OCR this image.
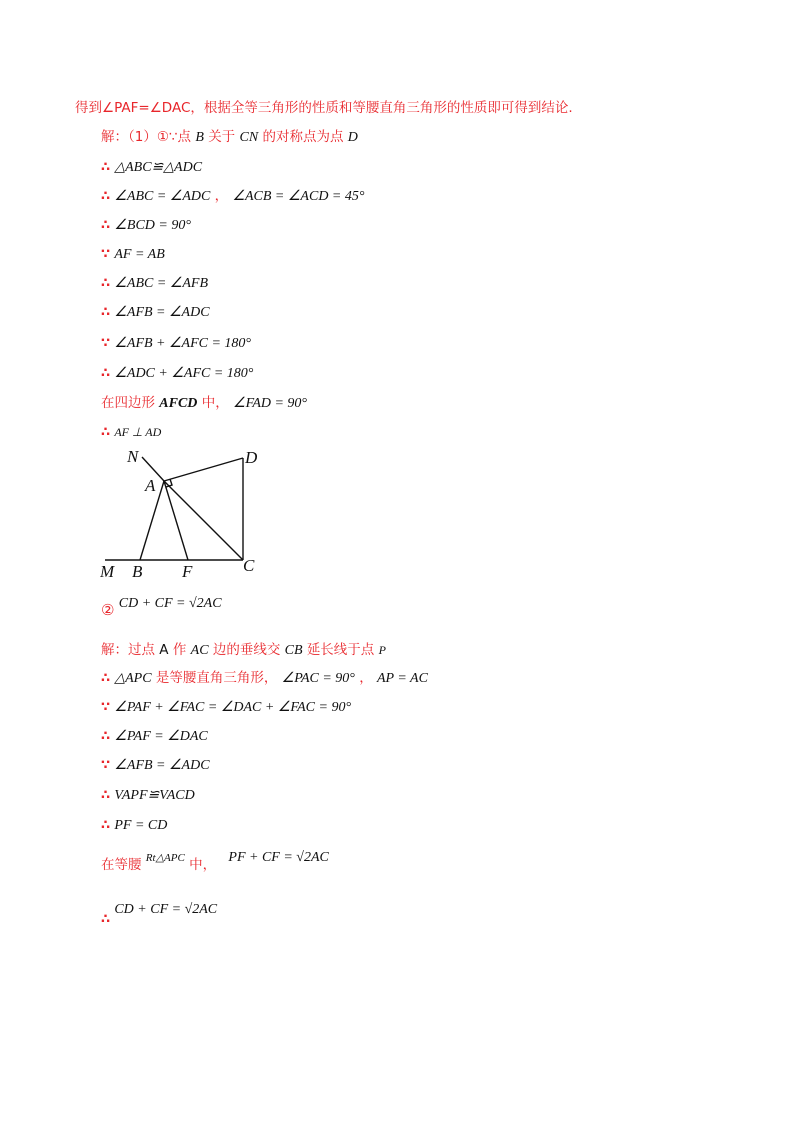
得到∠PAF=∠DAC，根据全等三角形的性质和等腰直角三角形的性质即可得到结论.
解：（1）①∵点 B 关于 CN 的对称点为点 D
∴ △ABC≌△ADC
∴ ∠ABC = ∠ADC ， ∠ACB = ∠ACD = 45°
∴ ∠BCD = 90°
∵ AF = AB
∴ ∠ABC = ∠AFB
∴ ∠AFB = ∠ADC
∵ ∠AFB + ∠AFC = 180°
∴ ∠ADC + ∠AFC = 180°
在四边形 AFCD 中， ∠FAD = 90°
∴ AF ⊥ AD
N
A
D
M B F	C
② CD + CF = √2AC
解：过点 A 作 AC 边的垂线交 CB 延长线于点 P
∴ △APC 是等腰直角三角形， ∠PAC = 90° ， AP = AC
∵ ∠PAF + ∠FAC = ∠DAC + ∠FAC = 90°
∴ ∠PAF = ∠DAC
∵ ∠AFB = ∠ADC
∴ VAPF≌VACD
∴ PF = CD
在等腰 Rt△APC 中， PF + CF = √2AC
∴ CD + CF = √2AC
